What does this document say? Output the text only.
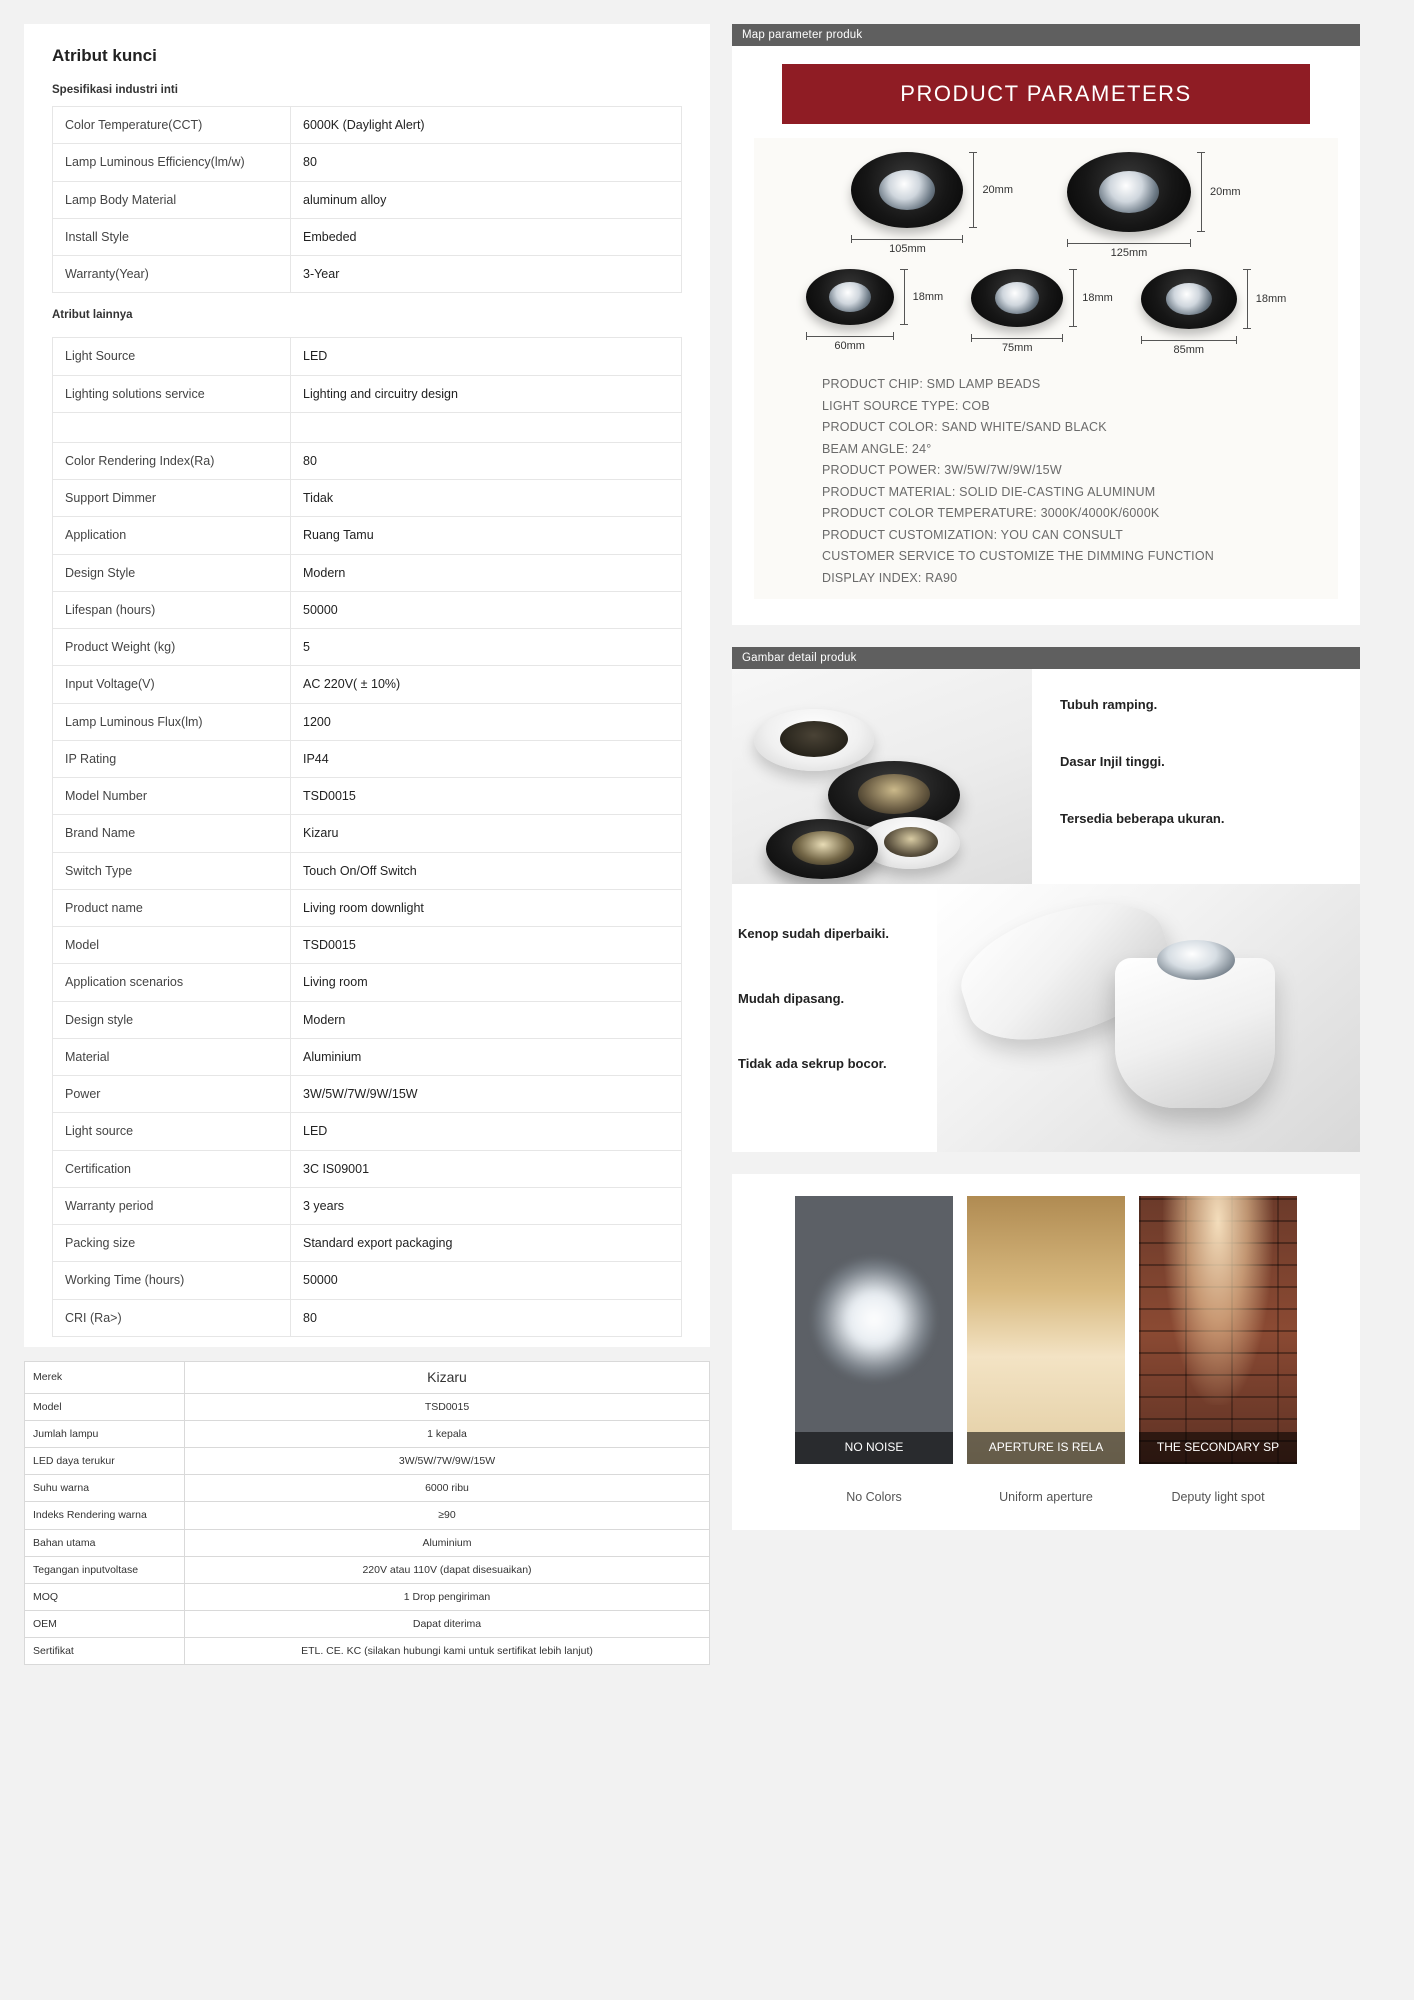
Atribut kunci
Spesifikasi industri inti
Color Temperature(CCT)	6000K (Daylight Alert)
Lamp Luminous Efficiency(lm/w)	80
Lamp Body Material	aluminum alloy
Install Style	Embeded
Warranty(Year)	3-Year
Atribut lainnya
Light Source	LED
Lighting solutions service	Lighting and circuitry design

Color Rendering Index(Ra)	80
Support Dimmer	Tidak
Application	Ruang Tamu
Design Style	Modern
Lifespan (hours)	50000
Product Weight (kg)	5
Input Voltage(V)	AC 220V( ± 10%)
Lamp Luminous Flux(lm)	1200
IP Rating	IP44
Model Number	TSD0015
Brand Name	Kizaru
Switch Type	Touch On/Off Switch
Product name	Living room downlight
Model	TSD0015
Application scenarios	Living room
Design style	Modern
Material	Aluminium
Power	3W/5W/7W/9W/15W
Light source	LED
Certification	3C IS09001
Warranty period	3 years
Packing size	Standard export packaging
Working Time (hours)	50000
CRI (Ra>)	80
Merek	Kizaru
Model	TSD0015
Jumlah lampu	1 kepala
LED daya terukur	3W/5W/7W/9W/15W
Suhu warna	6000 ribu
Indeks Rendering warna	≥90
Bahan utama	Aluminium
Tegangan inputvoltase	220V atau 110V (dapat disesuaikan)
MOQ	1 Drop pengiriman
OEM	Dapat diterima
Sertifikat	ETL. CE. KC (silakan hubungi kami untuk sertifikat lebih lanjut)
Map parameter produk
PRODUCT PARAMETERS
105mm
20mm
125mm
20mm
60mm
18mm
75mm
18mm
85mm
18mm
PRODUCT CHIP: SMD LAMP BEADS
LIGHT SOURCE TYPE: COB
PRODUCT COLOR: SAND WHITE/SAND BLACK
BEAM ANGLE: 24°
PRODUCT POWER: 3W/5W/7W/9W/15W
PRODUCT MATERIAL: SOLID DIE-CASTING ALUMINUM
PRODUCT COLOR TEMPERATURE: 3000K/4000K/6000K
PRODUCT CUSTOMIZATION: YOU CAN CONSULT
CUSTOMER SERVICE TO CUSTOMIZE THE DIMMING FUNCTION
DISPLAY INDEX: RA90
Gambar detail produk

Tubuh ramping.

Dasar Injil tinggi.

Tersedia beberapa ukuran.

Kenop sudah diperbaiki.

Mudah dipasang.

Tidak ada sekrup bocor.

NO NOISE
No Colors
APERTURE IS RELA
Uniform aperture
THE SECONDARY SP
Deputy light spot
